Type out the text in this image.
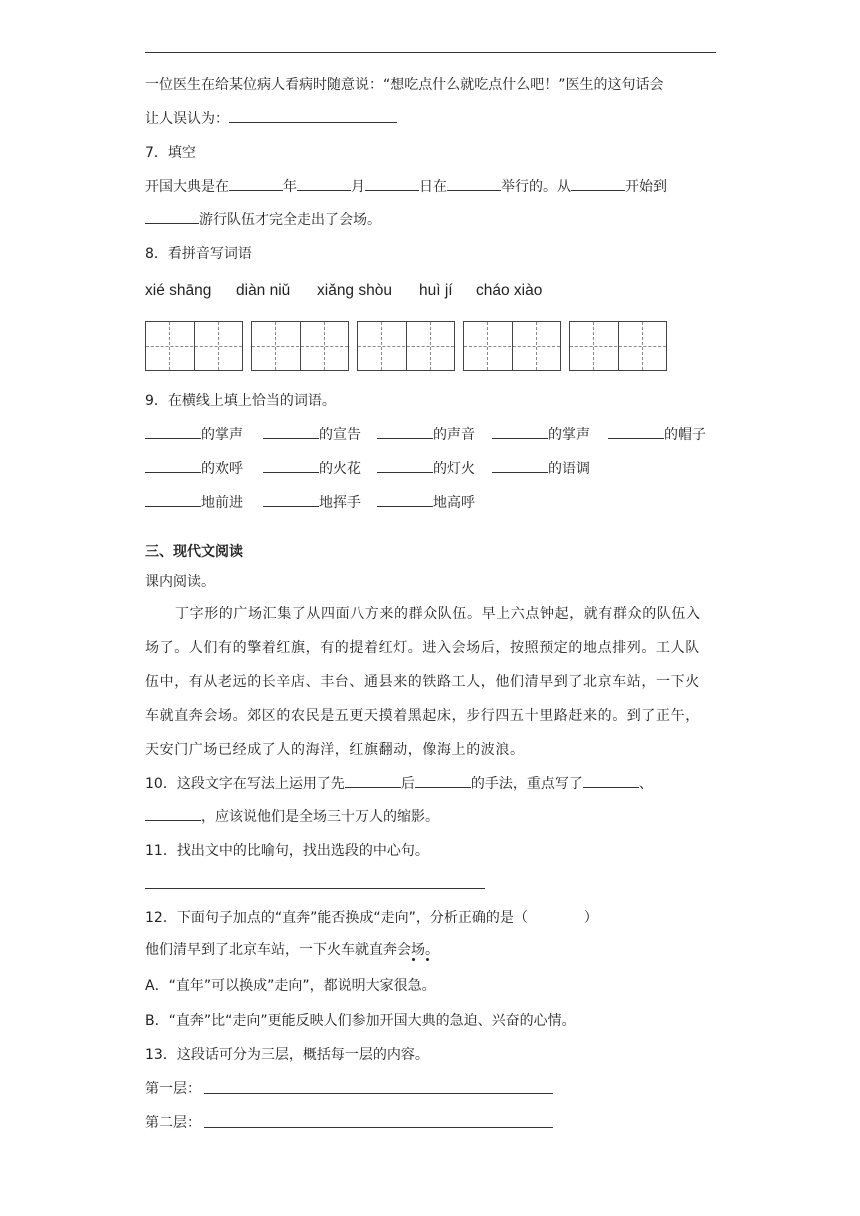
一位医生在给某位病人看病时随意说：“想吃点什么就吃点什么吧！”医生的这句话会
让人误认为：
7．填空
开国大典是在	年	月	日在	举行的。从	开始到
游行队伍才完全走出了会场。
8．看拼音写词语
xié shāng diàn niǔ xiǎng shòu huì jí cháo xiào
9．在横线上填上恰当的词语。
的掌声	的宣告	的声音	的掌声	的帽子
的欢呼	的火花	的灯火	的语调
地前进	地挥手	地高呼
三、现代文阅读
课内阅读。
丁字形的广场汇集了从四面八方来的群众队伍。早上六点钟起，就有群众的队伍入
场了。人们有的擎着红旗，有的提着红灯。进入会场后，按照预定的地点排列。工人队
伍中，有从老远的长辛店、丰台、通县来的铁路工人，他们清早到了北京车站，一下火
车就直奔会场。郊区的农民是五更天摸着黑起床，步行四五十里路赶来的。到了正午，
天安门广场已经成了人的海洋，红旗翻动，像海上的波浪。
10．这段文字在写法上运用了先	后	的手法，重点写了	、
，应该说他们是全场三十万人的缩影。
11．找出文中的比喻句，找出选段的中心句。
12．下面句子加点的“直奔”能否换成“走向”，分析正确的是（　　　　）
他们清早到了北京车站，一下火车就直奔会场。
A．“直年”可以换成”走向”，都说明大家很急。
B．“直奔”比“走向”更能反映人们参加开国大典的急迫、兴奋的心情。
13．这段话可分为三层，概括每一层的内容。
第一层：
第二层：
